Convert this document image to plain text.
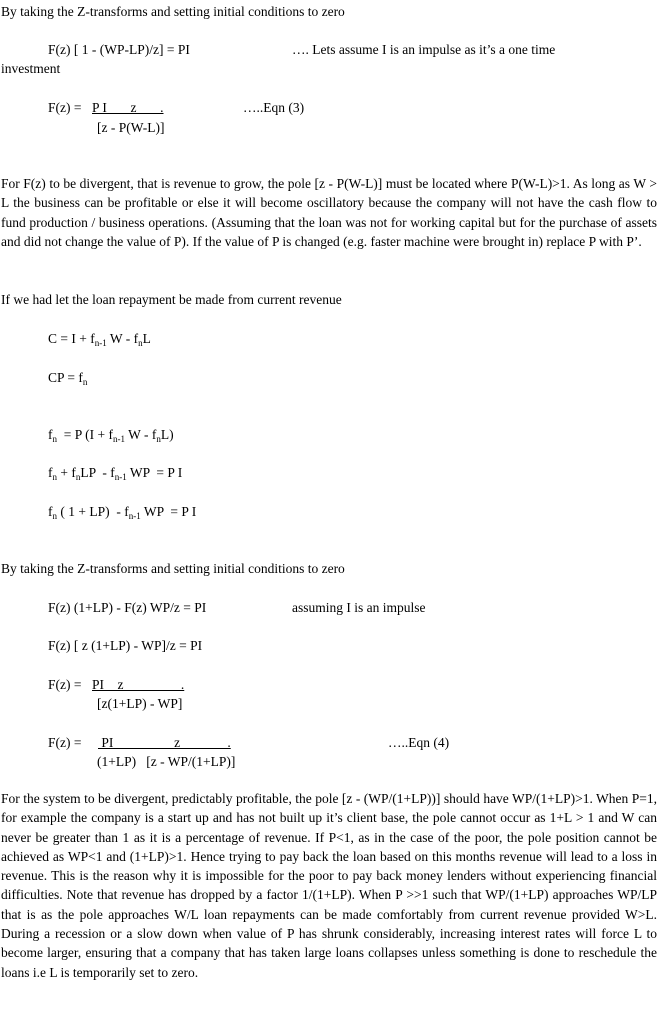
By taking the Z-transforms and setting initial conditions to zero
F(z) [ 1 - (WP-LP)/z] = PI	…. Lets assume I is an impulse as it’s a one time
investment
F(z) = P I       z       .
[z - P(W-L)]
…..Eqn (3)
For F(z) to be divergent, that is revenue to grow, the pole [z - P(W-L)] must be located where P(W-L)>1. As long as W > L the business can be profitable or else it will become oscillatory because the company will not have the cash flow to fund production / business operations. (Assuming that the loan was not for working capital but for the purchase of assets and did not change the value of P). If the value of P is changed (e.g. faster machine were brought in) replace P with P’.
If we had let the loan repayment be made from current revenue
$C = I + f_{n-1}$ W - $f_nL$
CP = $f_n$
$f_n = P$ ($I + f_{n-1}$ W - $f_nL$)
$f_n + f_nLP - f_{n-1}$ WP  = P I
$f_n$ ( $1 + LP) - f_{n-1}$ WP  = P I
By taking the Z-transforms and setting initial conditions to zero
F(z) (1+LP) - F(z) WP/z = PI	assuming I is an impulse
F(z) [ z (1+LP) - WP]/z = PI
F(z) = PI    z                 .
[z(1+LP) - WP]
F(z) = PI                  z              .
(1+LP)   [z - WP/(1+LP)]
…..Eqn (4)
For the system to be divergent, predictably profitable, the pole [z - (WP/(1+LP))] should have WP/(1+LP)>1. When P=1, for example the company is a start up and has not built up it’s client base, the pole cannot occur as 1+L > 1 and W can never be greater than 1 as it is a percentage of revenue. If P<1, as in the case of the poor, the pole position cannot be achieved as WP<1 and (1+LP)>1. Hence trying to pay back the loan based on this months revenue will lead to a loss in revenue. This is the reason why it is impossible for the poor to pay back money lenders without experiencing financial difficulties. Note that revenue has dropped by a factor 1/(1+LP). When P >>1 such that WP/(1+LP) approaches WP/LP that is as the pole approaches W/L loan repayments can be made comfortably from current revenue provided W>L. During a recession or a slow down when value of P has shrunk considerably, increasing interest rates will force L to become larger, ensuring that a company that has taken large loans collapses unless something is done to reschedule the loans i.e L is temporarily set to zero.
